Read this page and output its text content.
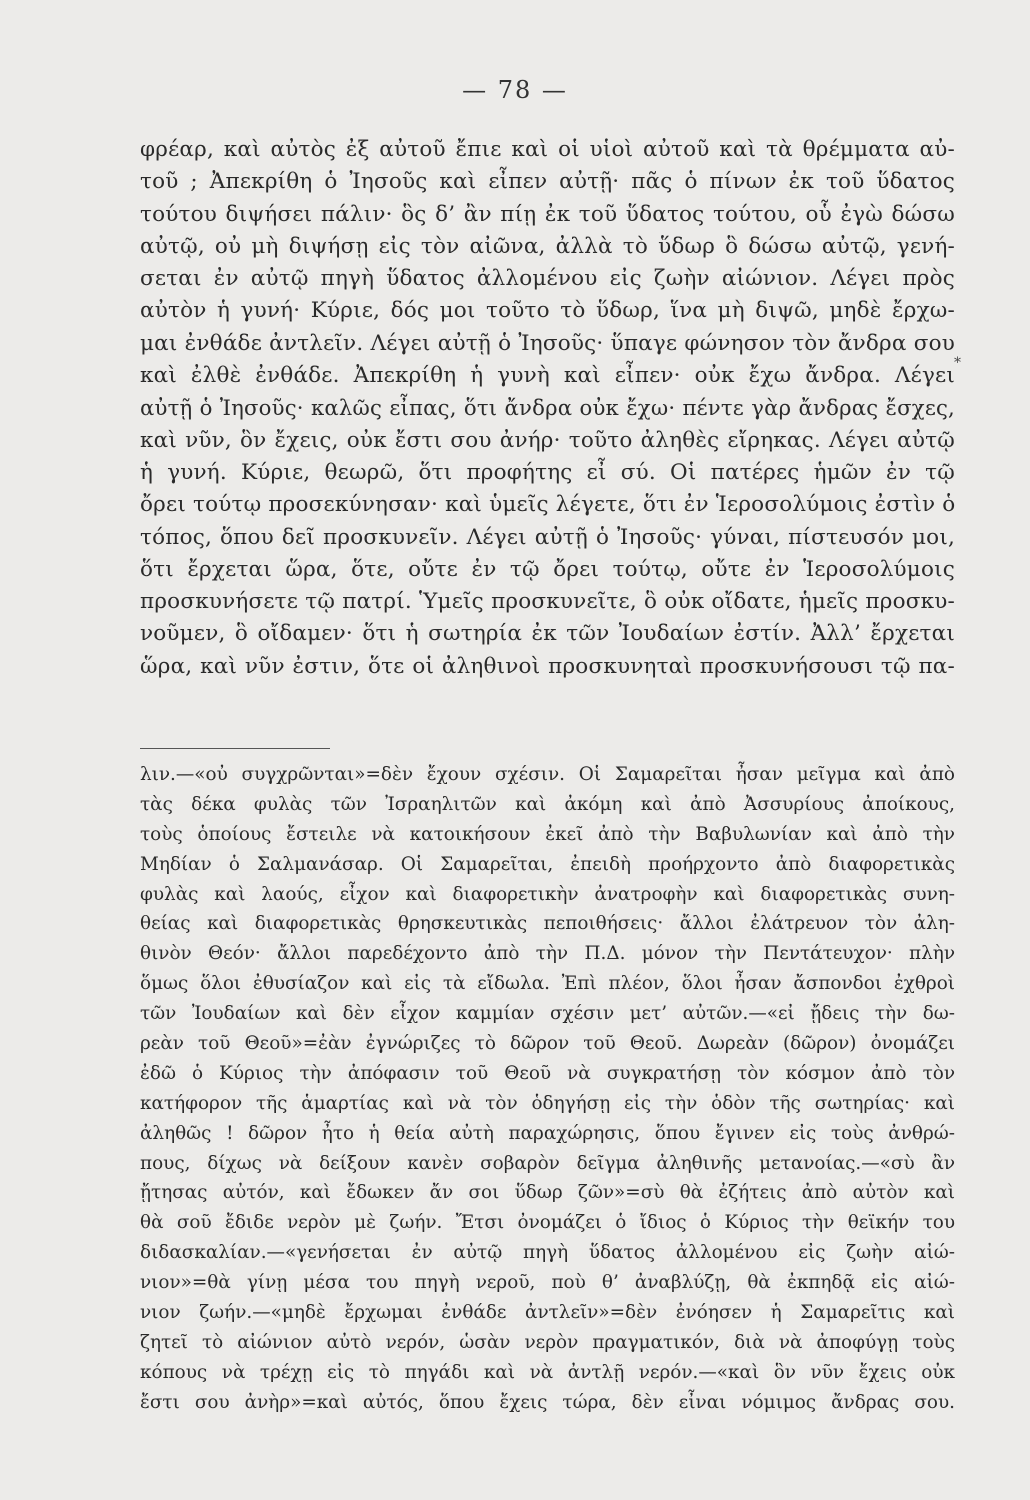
— 78 —
φρέαρ, καὶ αὐτὸς ἐξ αὐτοῦ ἔπιε καὶ οἱ υἱοὶ αὐτοῦ καὶ τὰ θρέμματα αὐ-
τοῦ ; Ἀπεκρίθη ὁ Ἰησοῦς καὶ εἶπεν αὐτῇ· πᾶς ὁ πίνων ἐκ τοῦ ὕδατος
τούτου διψήσει πάλιν· ὃς δ’ ἂν πίῃ ἐκ τοῦ ὕδατος τούτου, οὗ ἐγὼ δώσω
αὐτῷ, οὐ μὴ διψήσῃ εἰς τὸν αἰῶνα, ἀλλὰ τὸ ὕδωρ ὃ δώσω αὐτῷ, γενή-
σεται ἐν αὐτῷ πηγὴ ὕδατος ἀλλομένου εἰς ζωὴν αἰώνιον. Λέγει πρὸς
αὐτὸν ἡ γυνή· Κύριε, δός μοι τοῦτο τὸ ὕδωρ, ἵνα μὴ διψῶ, μηδὲ ἔρχω-
μαι ἐνθάδε ἀντλεῖν. Λέγει αὐτῇ ὁ Ἰησοῦς· ὕπαγε φώνησον τὸν ἄνδρα σου
καὶ ἐλθὲ ἐνθάδε. Ἀπεκρίθη ἡ γυνὴ καὶ εἶπεν· οὐκ ἔχω ἄνδρα. Λέγει
αὐτῇ ὁ Ἰησοῦς· καλῶς εἶπας, ὅτι ἄνδρα οὐκ ἔχω· πέντε γὰρ ἄνδρας ἔσχες,
καὶ νῦν, ὃν ἔχεις, οὐκ ἔστι σου ἀνήρ· τοῦτο ἀληθὲς εἴρηκας. Λέγει αὐτῷ
ἡ γυνή. Κύριε, θεωρῶ, ὅτι προφήτης εἶ σύ. Οἱ πατέρες ἡμῶν ἐν τῷ
ὄρει τούτῳ προσεκύνησαν· καὶ ὑμεῖς λέγετε, ὅτι ἐν Ἱεροσολύμοις ἐστὶν ὁ
τόπος, ὅπου δεῖ προσκυνεῖν. Λέγει αὐτῇ ὁ Ἰησοῦς· γύναι, πίστευσόν μοι,
ὅτι ἔρχεται ὥρα, ὅτε, οὔτε ἐν τῷ ὄρει τούτῳ, οὔτε ἐν Ἱεροσολύμοις
προσκυνήσετε τῷ πατρί. Ὑμεῖς προσκυνεῖτε, ὃ οὐκ οἴδατε, ἡμεῖς προσκυ-
νοῦμεν, ὃ οἴδαμεν· ὅτι ἡ σωτηρία ἐκ τῶν Ἰουδαίων ἐστίν. Ἀλλ’ ἔρχεται
ὥρα, καὶ νῦν ἐστιν, ὅτε οἱ ἀληθινοὶ προσκυνηταὶ προσκυνήσουσι τῷ πα-
*
λιν.—«οὐ συγχρῶνται»=δὲν ἔχουν σχέσιν. Οἱ Σαμαρεῖται ἦσαν μεῖγμα καὶ ἀπὸ
τὰς δέκα φυλὰς τῶν Ἰσραηλιτῶν καὶ ἀκόμη καὶ ἀπὸ Ἀσσυρίους ἀποίκους,
τοὺς ὁποίους ἔστειλε νὰ κατοικήσουν ἐκεῖ ἀπὸ τὴν Βαβυλωνίαν καὶ ἀπὸ τὴν
Μηδίαν ὁ Σαλμανάσαρ. Οἱ Σαμαρεῖται, ἐπειδὴ προήρχοντο ἀπὸ διαφορετικὰς
φυλὰς καὶ λαούς, εἶχον καὶ διαφορετικὴν ἀνατροφὴν καὶ διαφορετικὰς συνη-
θείας καὶ διαφορετικὰς θρησκευτικὰς πεποιθήσεις· ἄλλοι ἐλάτρευον τὸν ἀλη-
θινὸν Θεόν· ἄλλοι παρεδέχοντο ἀπὸ τὴν Π.Δ. μόνον τὴν Πεντάτευχον· πλὴν
ὅμως ὅλοι ἐθυσίαζον καὶ εἰς τὰ εἴδωλα. Ἐπὶ πλέον, ὅλοι ἦσαν ἄσπονδοι ἐχθροὶ
τῶν Ἰουδαίων καὶ δὲν εἶχον καμμίαν σχέσιν μετ’ αὐτῶν.—«εἰ ᾔδεις τὴν δω-
ρεὰν τοῦ Θεοῦ»=ἐὰν ἐγνώριζες τὸ δῶρον τοῦ Θεοῦ. Δωρεὰν (δῶρον) ὀνομάζει
ἐδῶ ὁ Κύριος τὴν ἀπόφασιν τοῦ Θεοῦ νὰ συγκρατήσῃ τὸν κόσμον ἀπὸ τὸν
κατήφορον τῆς ἁμαρτίας καὶ νὰ τὸν ὁδηγήσῃ εἰς τὴν ὁδὸν τῆς σωτηρίας· καὶ
ἀληθῶς ! δῶρον ἦτο ἡ θεία αὐτὴ παραχώρησις, ὅπου ἔγινεν εἰς τοὺς ἀνθρώ-
πους, δίχως νὰ δείξουν κανὲν σοβαρὸν δεῖγμα ἀληθινῆς μετανοίας.—«σὺ ἂν
ᾔτησας αὐτόν, καὶ ἔδωκεν ἄν σοι ὕδωρ ζῶν»=σὺ θὰ ἐζήτεις ἀπὸ αὐτὸν καὶ
θὰ σοῦ ἔδιδε νερὸν μὲ ζωήν. Ἔτσι ὀνομάζει ὁ ἴδιος ὁ Κύριος τὴν θεϊκήν του
διδασκαλίαν.—«γενήσεται ἐν αὐτῷ πηγὴ ὕδατος ἀλλομένου εἰς ζωὴν αἰώ-
νιον»=θὰ γίνῃ μέσα του πηγὴ νεροῦ, ποὺ θ’ ἀναβλύζῃ, θὰ ἐκπηδᾷ εἰς αἰώ-
νιον ζωήν.—«μηδὲ ἔρχωμαι ἐνθάδε ἀντλεῖν»=δὲν ἐνόησεν ἡ Σαμαρεῖτις καὶ
ζητεῖ τὸ αἰώνιον αὐτὸ νερόν, ὡσὰν νερὸν πραγματικόν, διὰ νὰ ἀποφύγῃ τοὺς
κόπους νὰ τρέχῃ εἰς τὸ πηγάδι καὶ νὰ ἀντλῇ νερόν.—«καὶ ὃν νῦν ἔχεις οὐκ
ἔστι σου ἀνὴρ»=καὶ αὐτός, ὅπου ἔχεις τώρα, δὲν εἶναι νόμιμος ἄνδρας σου.
